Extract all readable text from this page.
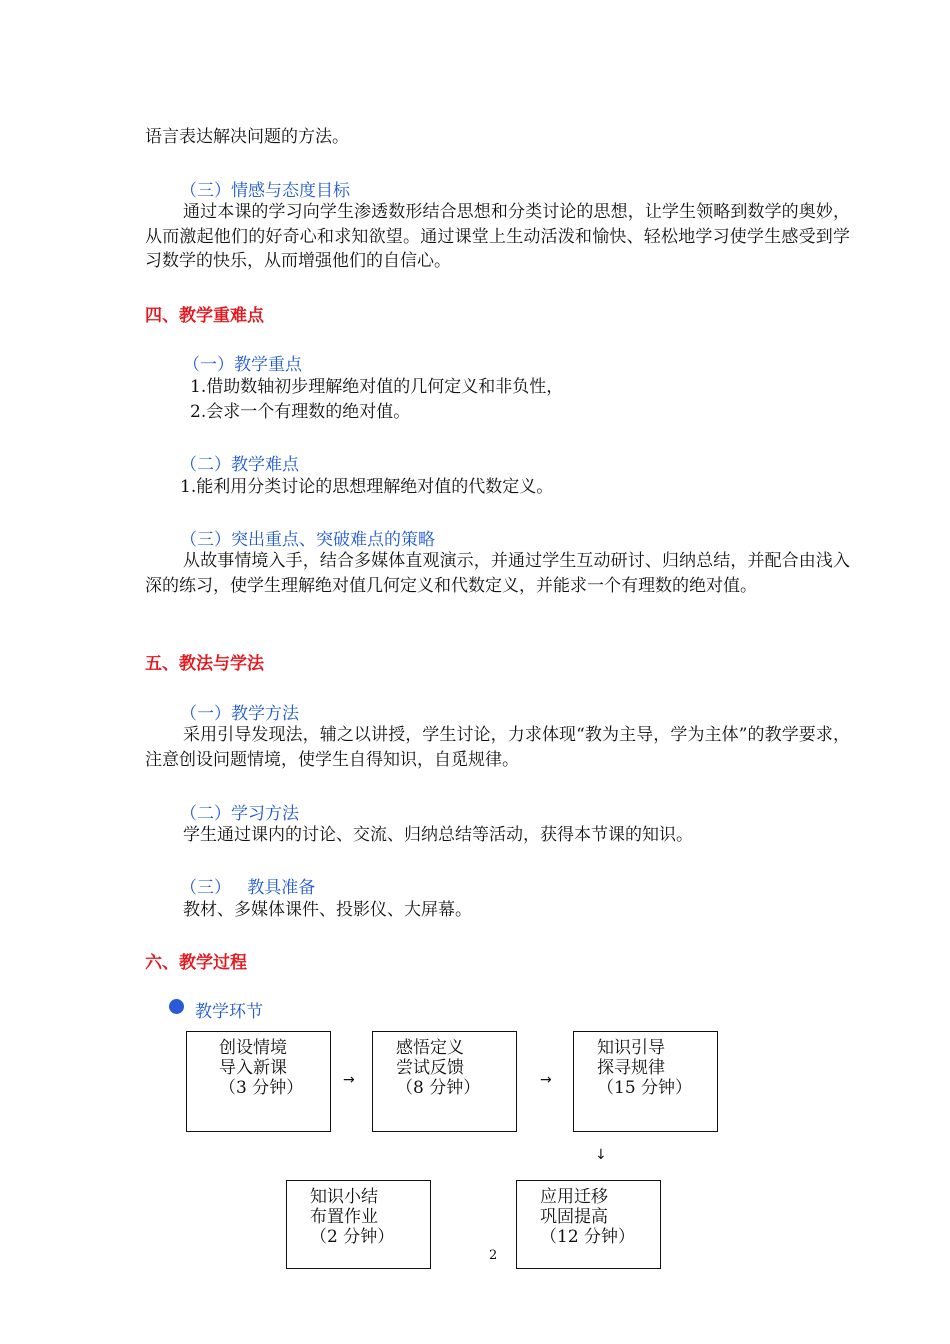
语言表达解决问题的方法。
（三）情感与态度目标
通过本课的学习向学生渗透数形结合思想和分类讨论的思想，让学生领略到数学的奥妙，从而激起他们的好奇心和求知欲望。通过课堂上生动活泼和愉快、轻松地学习使学生感受到学习数学的快乐，从而增强他们的自信心。
四、教学重难点
（一）教学重点
1.借助数轴初步理解绝对值的几何定义和非负性，
2.会求一个有理数的绝对值。
（二）教学难点
1.能利用分类讨论的思想理解绝对值的代数定义。
（三）突出重点、突破难点的策略
从故事情境入手，结合多媒体直观演示，并通过学生互动研讨、归纳总结，并配合由浅入深的练习，使学生理解绝对值几何定义和代数定义，并能求一个有理数的绝对值。
五、教法与学法
（一）教学方法
采用引导发现法，辅之以讲授，学生讨论，力求体现“教为主导，学为主体”的教学要求，注意创设问题情境，使学生自得知识，自觅规律。
（二）学习方法
学生通过课内的讨论、交流、归纳总结等活动，获得本节课的知识。
（三）   教具准备
教材、多媒体课件、投影仪、大屏幕。
六、教学过程
教学环节
创设情境
导入新课
（3 分钟）	→
感悟定义
尝试反馈
（8 分钟）	→
知识引导
探寻规律
（15 分钟）
↓
知识小结
布置作业
（2 分钟）
应用迁移
巩固提高
（12 分钟）
2
